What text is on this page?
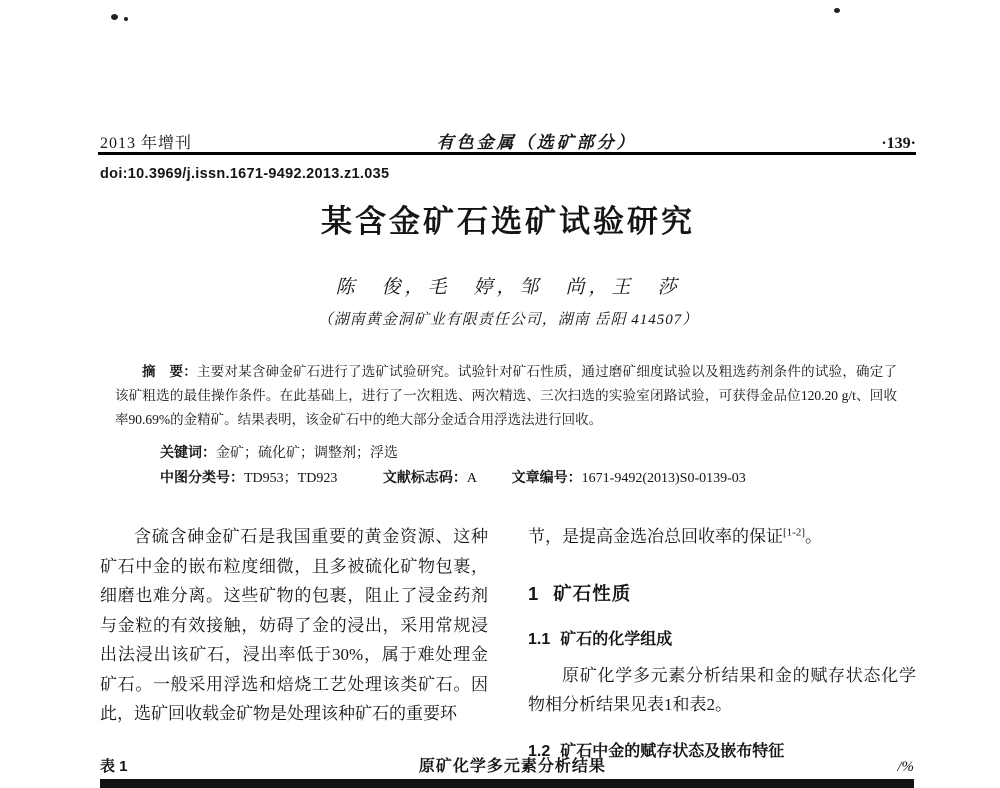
2013 年增刊	有色金属（选矿部分）	·139·
doi:10.3969/j.issn.1671-9492.2013.z1.035
某含金矿石选矿试验研究
陈　俊，毛　婷，邹　尚，王　莎
（湖南黄金洞矿业有限责任公司，湖南 岳阳 414507）

摘　要：主要对某含砷金矿石进行了选矿试验研究。试验针对矿石性质，通过磨矿细度试验以及粗选药剂条件的试验，确定了该矿粗选的最佳操作条件。在此基础上，进行了一次粗选、两次精选、三次扫选的实验室闭路试验，可获得金品位120.20 g/t、回收率90.69%的金精矿。结果表明，该金矿石中的绝大部分金适合用浮选法进行回收。

关键词：金矿；硫化矿；调整剂；浮选
中图分类号：TD953；TD923	文献标志码：A	文章编号：1671-9492(2013)S0-0139-03

含硫含砷金矿石是我国重要的黄金资源、这种矿石中金的嵌布粒度细微，且多被硫化矿物包裹，细磨也难分离。这些矿物的包裹，阻止了浸金药剂与金粒的有效接触，妨碍了金的浸出，采用常规浸出法浸出该矿石，浸出率低于30%，属于难处理金矿石。一般采用浮选和焙烧工艺处理该类矿石。因此，选矿回收载金矿物是处理该种矿石的重要环

节，是提高金选冶总回收率的保证[1-2]。

1 矿石性质
1.1 矿石的化学组成

原矿化学多元素分析结果和金的赋存状态化学物相分析结果见表1和表2。

1.2 矿石中金的赋存状态及嵌布特征
表 1	原矿化学多元素分析结果	/%
